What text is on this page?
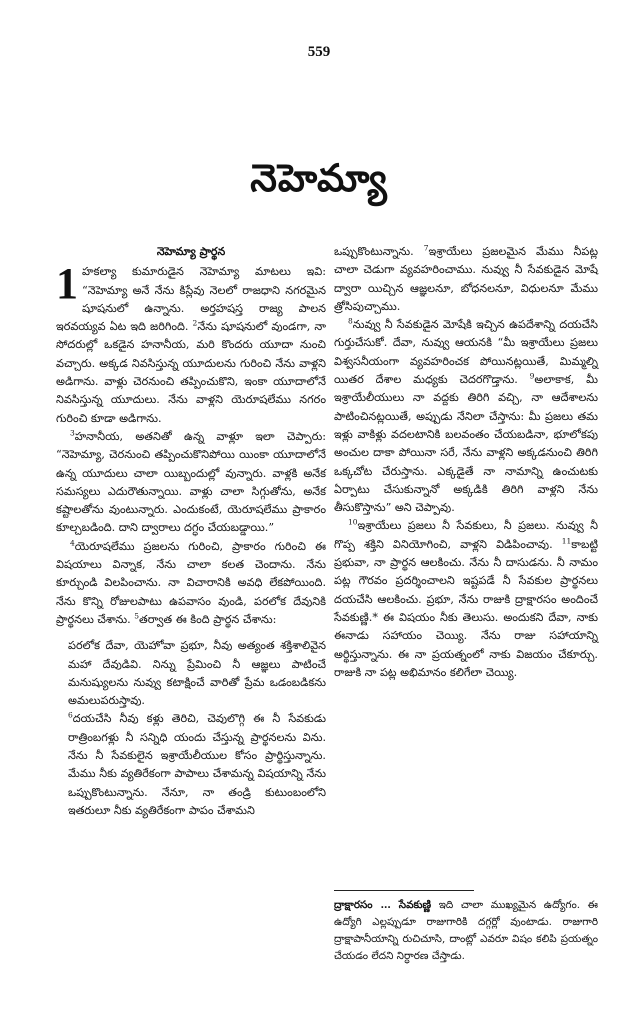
559
నెహెమ్యా
నెహెమ్యా ప్రార్థన

1 హకల్యా కుమారుడైన నెహెమ్యా మాటలు ఇవి: “నెహెమ్యా అనే నేను కిస్లేవు నెలలో రాజధాని నగరమైన షూషనులో ఉన్నాను. అర్తహషస్త రాజ్య పాలన ఇరవయ్యవ ఏట ఇది జరిగింది. $^2$నేను షూషనులో వుండగా, నా సోదరుల్లో ఒకడైన హనానీయ, మరి కొందరు యూదా నుంచి వచ్చారు. అక్కడ నివసిస్తున్న యూదులను గురించి నేను వాళ్లని అడిగాను. వాళ్లు చెరనుంచి తప్పించుకొని, ఇంకా యూదాలోనే నివసిస్తున్న యూదులు. నేను వాళ్లని యెరూషలేము నగరం గురించి కూడా అడిగాను.

$^3$హనానీయ, అతనితో ఉన్న వాళ్లూ ఇలా చెప్పారు: “నెహెమ్యా, చెరనుంచి తప్పించుకొనిపోయి యింకా యూదాలోనే ఉన్న యూదులు చాలా యిబ్బందుల్లో వున్నారు. వాళ్లకి అనేక సమస్యలు ఎదురౌతున్నాయి. వాళ్లు చాలా సిగ్గుతోను, అనేక కష్టాలతోను వుంటున్నారు. ఎందుకంటే, యెరూషలేము ప్రాకారం కూల్చబడింది. దాని ద్వారాలు దగ్ధం చేయబడ్డాయి.”

$^4$యెరూషలేము ప్రజలను గురించి, ప్రాకారం గురించి ఈ విషయాలు విన్నాక, నేను చాలా కలత చెందాను. నేను కూర్చుండి విలపించాను. నా విచారానికి అవధి లేకపోయింది. నేను కొన్ని రోజులపాటు ఉపవాసం వుండి, పరలోక దేవునికి ప్రార్థనలు చేశాను. $^5$తర్వాత ఈ కింది ప్రార్థన చేశాను:

పరలోక దేవా, యెహోవా ప్రభూ, నీవు అత్యంత శక్తిశాలివైన మహా దేవుడివి. నిన్ను ప్రేమించి నీ ఆజ్ఞలు పాటించే మనుష్యులను నువ్వు కటాక్షించే వారితో ప్రేమ ఒడంబడికను అమలుపరుస్తావు.

$^6$దయచేసి నీవు కళ్లు తెరిచి, చెవులొగ్గి ఈ నీ సేవకుడు రాత్రింబగళ్లు నీ సన్నిధి యందు చేస్తున్న ప్రార్థనలను విను. నేను నీ సేవకులైన ఇశ్రాయేలీయుల కోసం ప్రార్థిస్తున్నాను. మేము నీకు వ్యతిరేకంగా పాపాలు చేశామన్న విషయాన్ని నేను ఒప్పుకొంటున్నాను. నేనూ, నా తండ్రి కుటుంబంలోని ఇతరులూ నీకు వ్యతిరేకంగా పాపం చేశామని

ఒప్పుకొంటున్నాను. $^7$ఇశ్రాయేలు ప్రజలమైన మేము నీపట్ల చాలా చెడుగా వ్యవహరించాము. నువ్వు నీ సేవకుడైన మోషే ద్వారా యిచ్చిన ఆజ్ఞలనూ, బోధనలనూ, విధులనూ మేము త్రోసిపుచ్చాము.

$^8$నువ్వు నీ సేవకుడైన మోషేకి ఇచ్చిన ఉపదేశాన్ని దయచేసి గుర్తుచేసుకో. దేవా, నువ్వు ఆయనకి “మీ ఇశ్రాయేలు ప్రజలు విశ్వసనీయంగా వ్యవహరించక పోయినట్లయితే, మిమ్మల్ని యితర దేశాల మధ్యకు చెదరగొడ్తాను. $^9$అలాకాక, మీ ఇశ్రాయేలీయులు నా వద్దకు తిరిగి వచ్చి, నా ఆదేశాలను పాటించినట్లయితే, అప్పుడు నేనిలా చేస్తాను: మీ ప్రజలు తమ ఇళ్లు వాకిళ్లు వదలటానికి బలవంతం చేయబడినా, భూలోకపు అంచుల దాకా పోయినా సరే, నేను వాళ్లని అక్కడనుంచి తిరిగి ఒక్కచోట చేరుస్తాను. ఎక్కడైతే నా నామాన్ని ఉంచుటకు ఏర్పాటు చేసుకున్నానో అక్కడికి తిరిగి వాళ్లని నేను తీసుకొస్తాను” అని చెప్పావు.

$^{10}$ఇశ్రాయేలు ప్రజలు నీ సేవకులు, నీ ప్రజలు. నువ్వు నీ గొప్ప శక్తిని వినియోగించి, వాళ్లని విడిపించావు. $^{11}$కాబట్టి ప్రభువా, నా ప్రార్థన ఆలకించు. నేను నీ దాసుడను. నీ నామం పట్ల గౌరవం ప్రదర్శించాలని ఇష్టపడే నీ సేవకుల ప్రార్థనలు దయచేసి ఆలకించు. ప్రభూ, నేను రాజుకి ద్రాక్షారసం అందించే సేవకుణ్ణి.* ఈ విషయం నీకు తెలుసు. అందుకని దేవా, నాకు ఈనాడు సహాయం చెయ్యి. నేను రాజు సహాయాన్ని అర్థిస్తున్నాను. ఈ నా ప్రయత్నంలో నాకు విజయం చేకూర్చు. రాజుకి నా పట్ల అభిమానం కలిగేలా చెయ్యి.

ద్రాక్షారసం … సేవకుణ్ణి ఇది చాలా ముఖ్యమైన ఉద్యోగం. ఈ ఉద్యోగి ఎల్లప్పుడూ రాజుగారికి దగ్గర్లో వుంటాడు. రాజుగారి ద్రాక్షాపానీయాన్ని రుచిచూసి, దాంట్లో ఎవరూ విషం కలిపి ప్రయత్నం చేయడం లేదని నిర్ధారణ చేస్తాడు.
